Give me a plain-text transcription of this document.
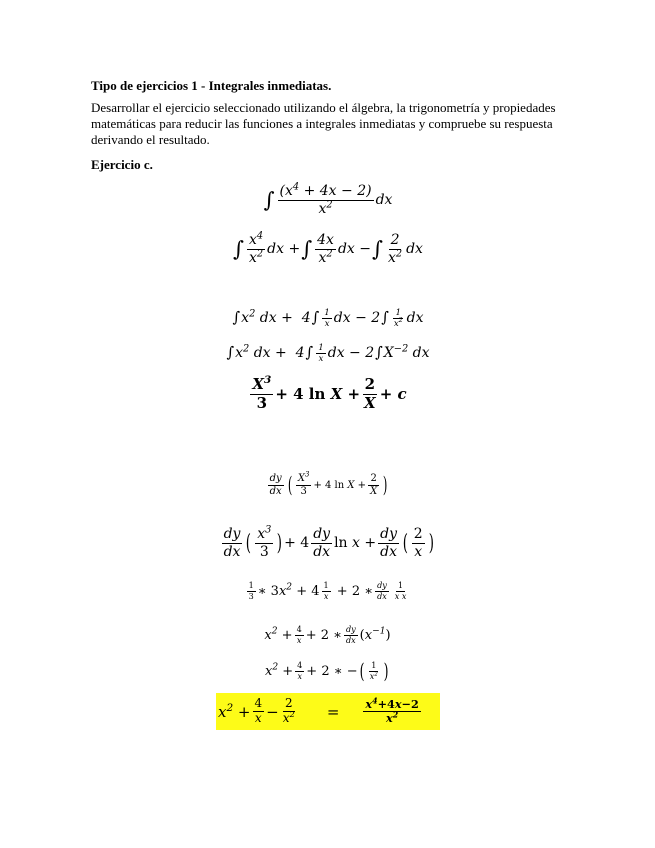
Tipo de ejercicios 1 - Integrales inmediatas.
Desarrollar el ejercicio seleccionado utilizando el álgebra, la trigonometría y propiedades matemáticas para reducir las funciones a integrales inmediatas y compruebe su respuesta derivando el resultado.
Ejercicio c.
∫ $\frac{(x^4 + 4x - 2)}{x^2}$ dx
∫ $\frac{x^4}{x^2}$ dx + ∫ $\frac{4x}{x^2}$ dx − ∫ $\frac{2}{x^2}$ dx
∫ $x^2$ dx +  4 ∫ $\frac{1}{x}$ dx − 2 ∫ $\frac{1}{x^2}$ dx
∫ $x^2$ dx +  4 ∫ $\frac{1}{x}$ dx − 2 ∫ $X^{-2}$ dx
$\frac{X^3}{3} + 4$ $\ln X + \frac{2}{X} + c$
$\frac{dy}{dx}$ ( $\frac{X^3}{3} + 4$ $\ln X + \frac{2}{X}$ )
$\frac{dy}{dx}$ ( $\frac{x^3}{3}$ ) + $4 \frac{dy}{dx}$ $\ln x + \frac{dy}{dx}$ ( $\frac{2}{x}$ )
$\frac{1}{3}$ ∗ $3x^2 + 4 \frac{1}{x} + 2$ ∗ $\frac{dy}{dx} \frac{1}{\text{x x}}$
$x^2 + \frac{4}{x} + 2$ ∗ $\frac{dy}{dx} (x^{-1})$
$x^2 + \frac{4}{x} + 2$ ∗ − ( $\frac{1}{x^2}$ )
$x^2 + \frac{4}{x} - \frac{2}{x^2} = \frac{x^4+4x-2}{x^2}$
